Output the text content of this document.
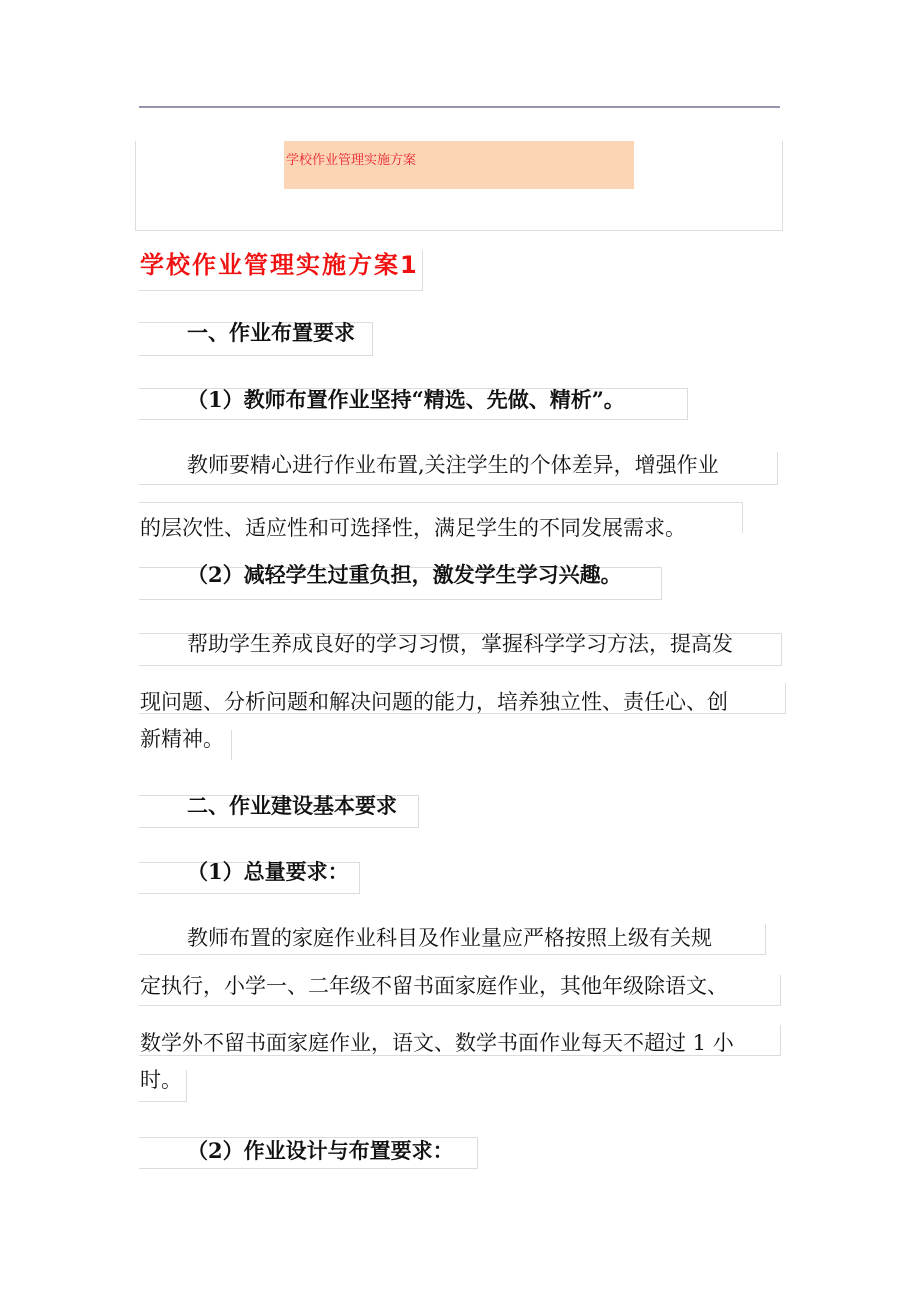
学校作业管理实施方案
学校作业管理实施方案1
一、作业布置要求
（1）教师布置作业坚持“精选、先做、精析”。
教师要精心进行作业布置,关注学生的个体差异，增强作业
的层次性、适应性和可选择性，满足学生的不同发展需求。
（2）减轻学生过重负担，激发学生学习兴趣。
帮助学生养成良好的学习习惯，掌握科学学习方法，提高发
现问题、分析问题和解决问题的能力，培养独立性、责任心、创
新精神。
二、作业建设基本要求
（1）总量要求：
教师布置的家庭作业科目及作业量应严格按照上级有关规
定执行，小学一、二年级不留书面家庭作业，其他年级除语文、
数学外不留书面家庭作业，语文、数学书面作业每天不超过 1 小
时。
（2）作业设计与布置要求：
